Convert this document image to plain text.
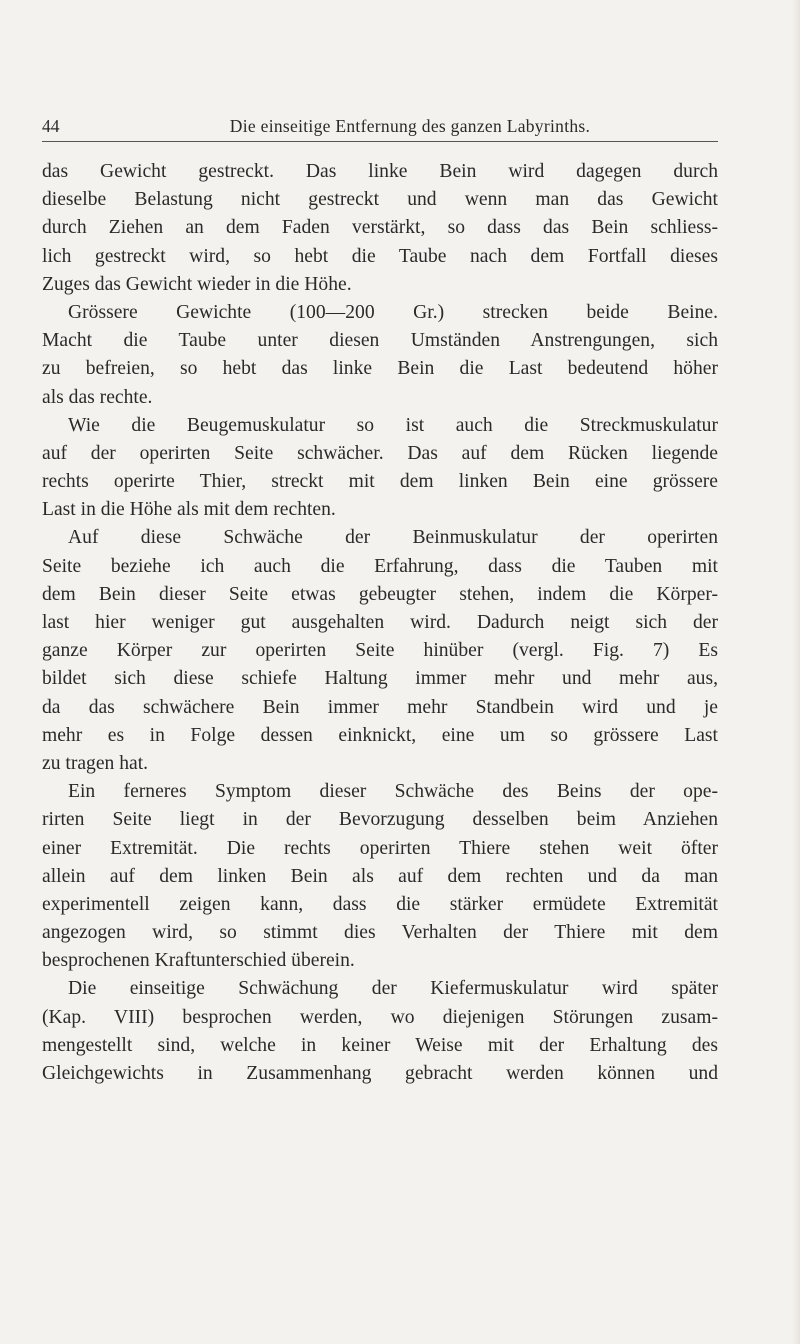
44	Die einseitige Entfernung des ganzen Labyrinths.
das Gewicht gestreckt. Das linke Bein wird dagegen durch
dieselbe Belastung nicht gestreckt und wenn man das Gewicht
durch Ziehen an dem Faden verstärkt, so dass das Bein schliess-
lich gestreckt wird, so hebt die Taube nach dem Fortfall dieses
Zuges das Gewicht wieder in die Höhe.
Grössere Gewichte (100—200 Gr.) strecken beide Beine.
Macht die Taube unter diesen Umständen Anstrengungen, sich
zu befreien, so hebt das linke Bein die Last bedeutend höher
als das rechte.
Wie die Beugemuskulatur so ist auch die Streckmuskulatur
auf der operirten Seite schwächer. Das auf dem Rücken liegende
rechts operirte Thier, streckt mit dem linken Bein eine grössere
Last in die Höhe als mit dem rechten.
Auf diese Schwäche der Beinmuskulatur der operirten
Seite beziehe ich auch die Erfahrung, dass die Tauben mit
dem Bein dieser Seite etwas gebeugter stehen, indem die Körper-
last hier weniger gut ausgehalten wird. Dadurch neigt sich der
ganze Körper zur operirten Seite hinüber (vergl. Fig. 7) Es
bildet sich diese schiefe Haltung immer mehr und mehr aus,
da das schwächere Bein immer mehr Standbein wird und je
mehr es in Folge dessen einknickt, eine um so grössere Last
zu tragen hat.
Ein ferneres Symptom dieser Schwäche des Beins der ope-
rirten Seite liegt in der Bevorzugung desselben beim Anziehen
einer Extremität. Die rechts operirten Thiere stehen weit öfter
allein auf dem linken Bein als auf dem rechten und da man
experimentell zeigen kann, dass die stärker ermüdete Extremität
angezogen wird, so stimmt dies Verhalten der Thiere mit dem
besprochenen Kraftunterschied überein.
Die einseitige Schwächung der Kiefermuskulatur wird später
(Kap. VIII) besprochen werden, wo diejenigen Störungen zusam-
mengestellt sind, welche in keiner Weise mit der Erhaltung des
Gleichgewichts in Zusammenhang gebracht werden können und
